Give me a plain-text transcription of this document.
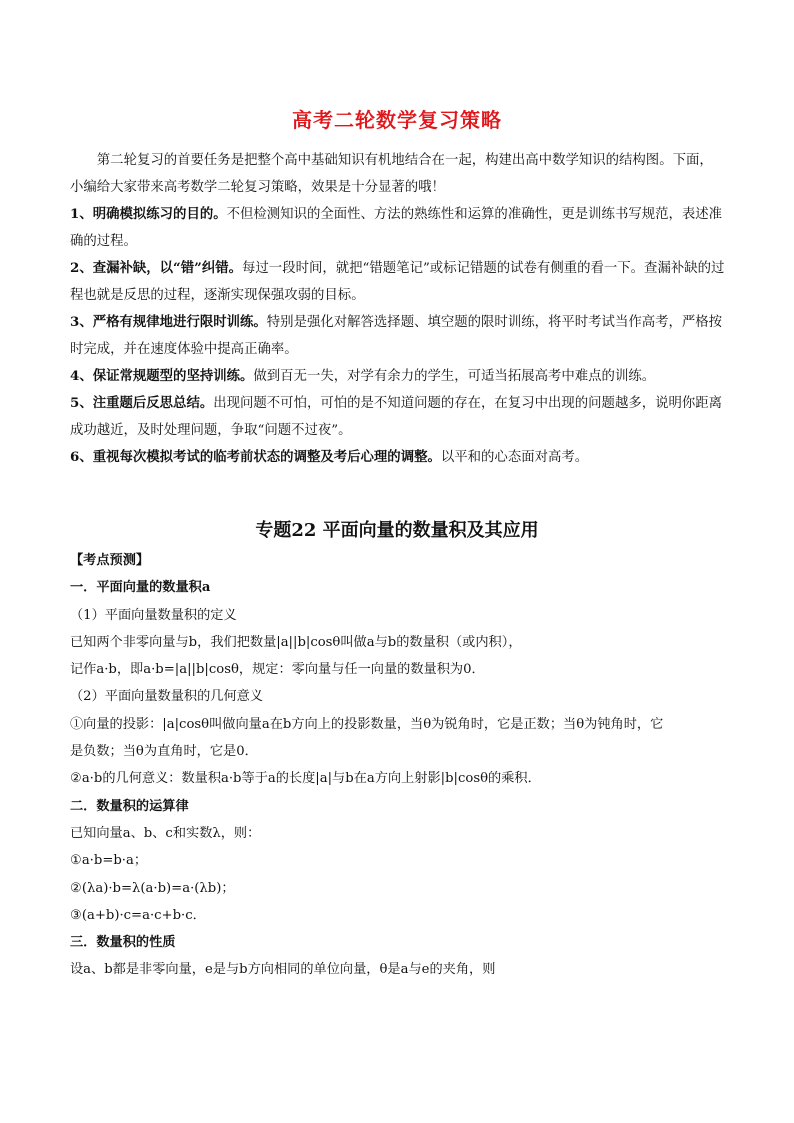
高考二轮数学复习策略
第二轮复习的首要任务是把整个高中基础知识有机地结合在一起，构建出高中数学知识的结构图。下面，小编给大家带来高考数学二轮复习策略，效果是十分显著的哦！

1、明确模拟练习的目的。不但检测知识的全面性、方法的熟练性和运算的准确性，更是训练书写规范，表述准确的过程。

2、查漏补缺，以“错”纠错。每过一段时间，就把“错题笔记”或标记错题的试卷有侧重的看一下。查漏补缺的过程也就是反思的过程，逐渐实现保强攻弱的目标。

3、严格有规律地进行限时训练。特别是强化对解答选择题、填空题的限时训练，将平时考试当作高考，严格按时完成，并在速度体验中提高正确率。

4、保证常规题型的坚持训练。做到百无一失，对学有余力的学生，可适当拓展高考中难点的训练。

5、注重题后反思总结。出现问题不可怕，可怕的是不知道问题的存在，在复习中出现的问题越多，说明你距离成功越近，及时处理问题，争取“问题不过夜”。

6、重视每次模拟考试的临考前状态的调整及考后心理的调整。以平和的心态面对高考。

专题22 平面向量的数量积及其应用

【考点预测】

一．平面向量的数量积a

（1）平面向量数量积的定义

已知两个非零向量与b，我们把数量|a||b|cosθ叫做a与b的数量积（或内积），

记作a·b，即a·b=|a||b|cosθ，规定：零向量与任一向量的数量积为0．

（2）平面向量数量积的几何意义

①向量的投影：|a|cosθ叫做向量a在b方向上的投影数量，当θ为锐角时，它是正数；当θ为钝角时，它

是负数；当θ为直角时，它是0．

②a·b的几何意义：数量积a·b等于a的长度|a|与b在a方向上射影|b|cosθ的乘积．

二．数量积的运算律

已知向量a、b、c和实数λ，则：

①a·b=b·a；

②(λa)·b=λ(a·b)=a·(λb)；

③(a+b)·c=a·c+b·c．

三．数量积的性质

设a、b都是非零向量，e是与b方向相同的单位向量，θ是a与e的夹角，则
